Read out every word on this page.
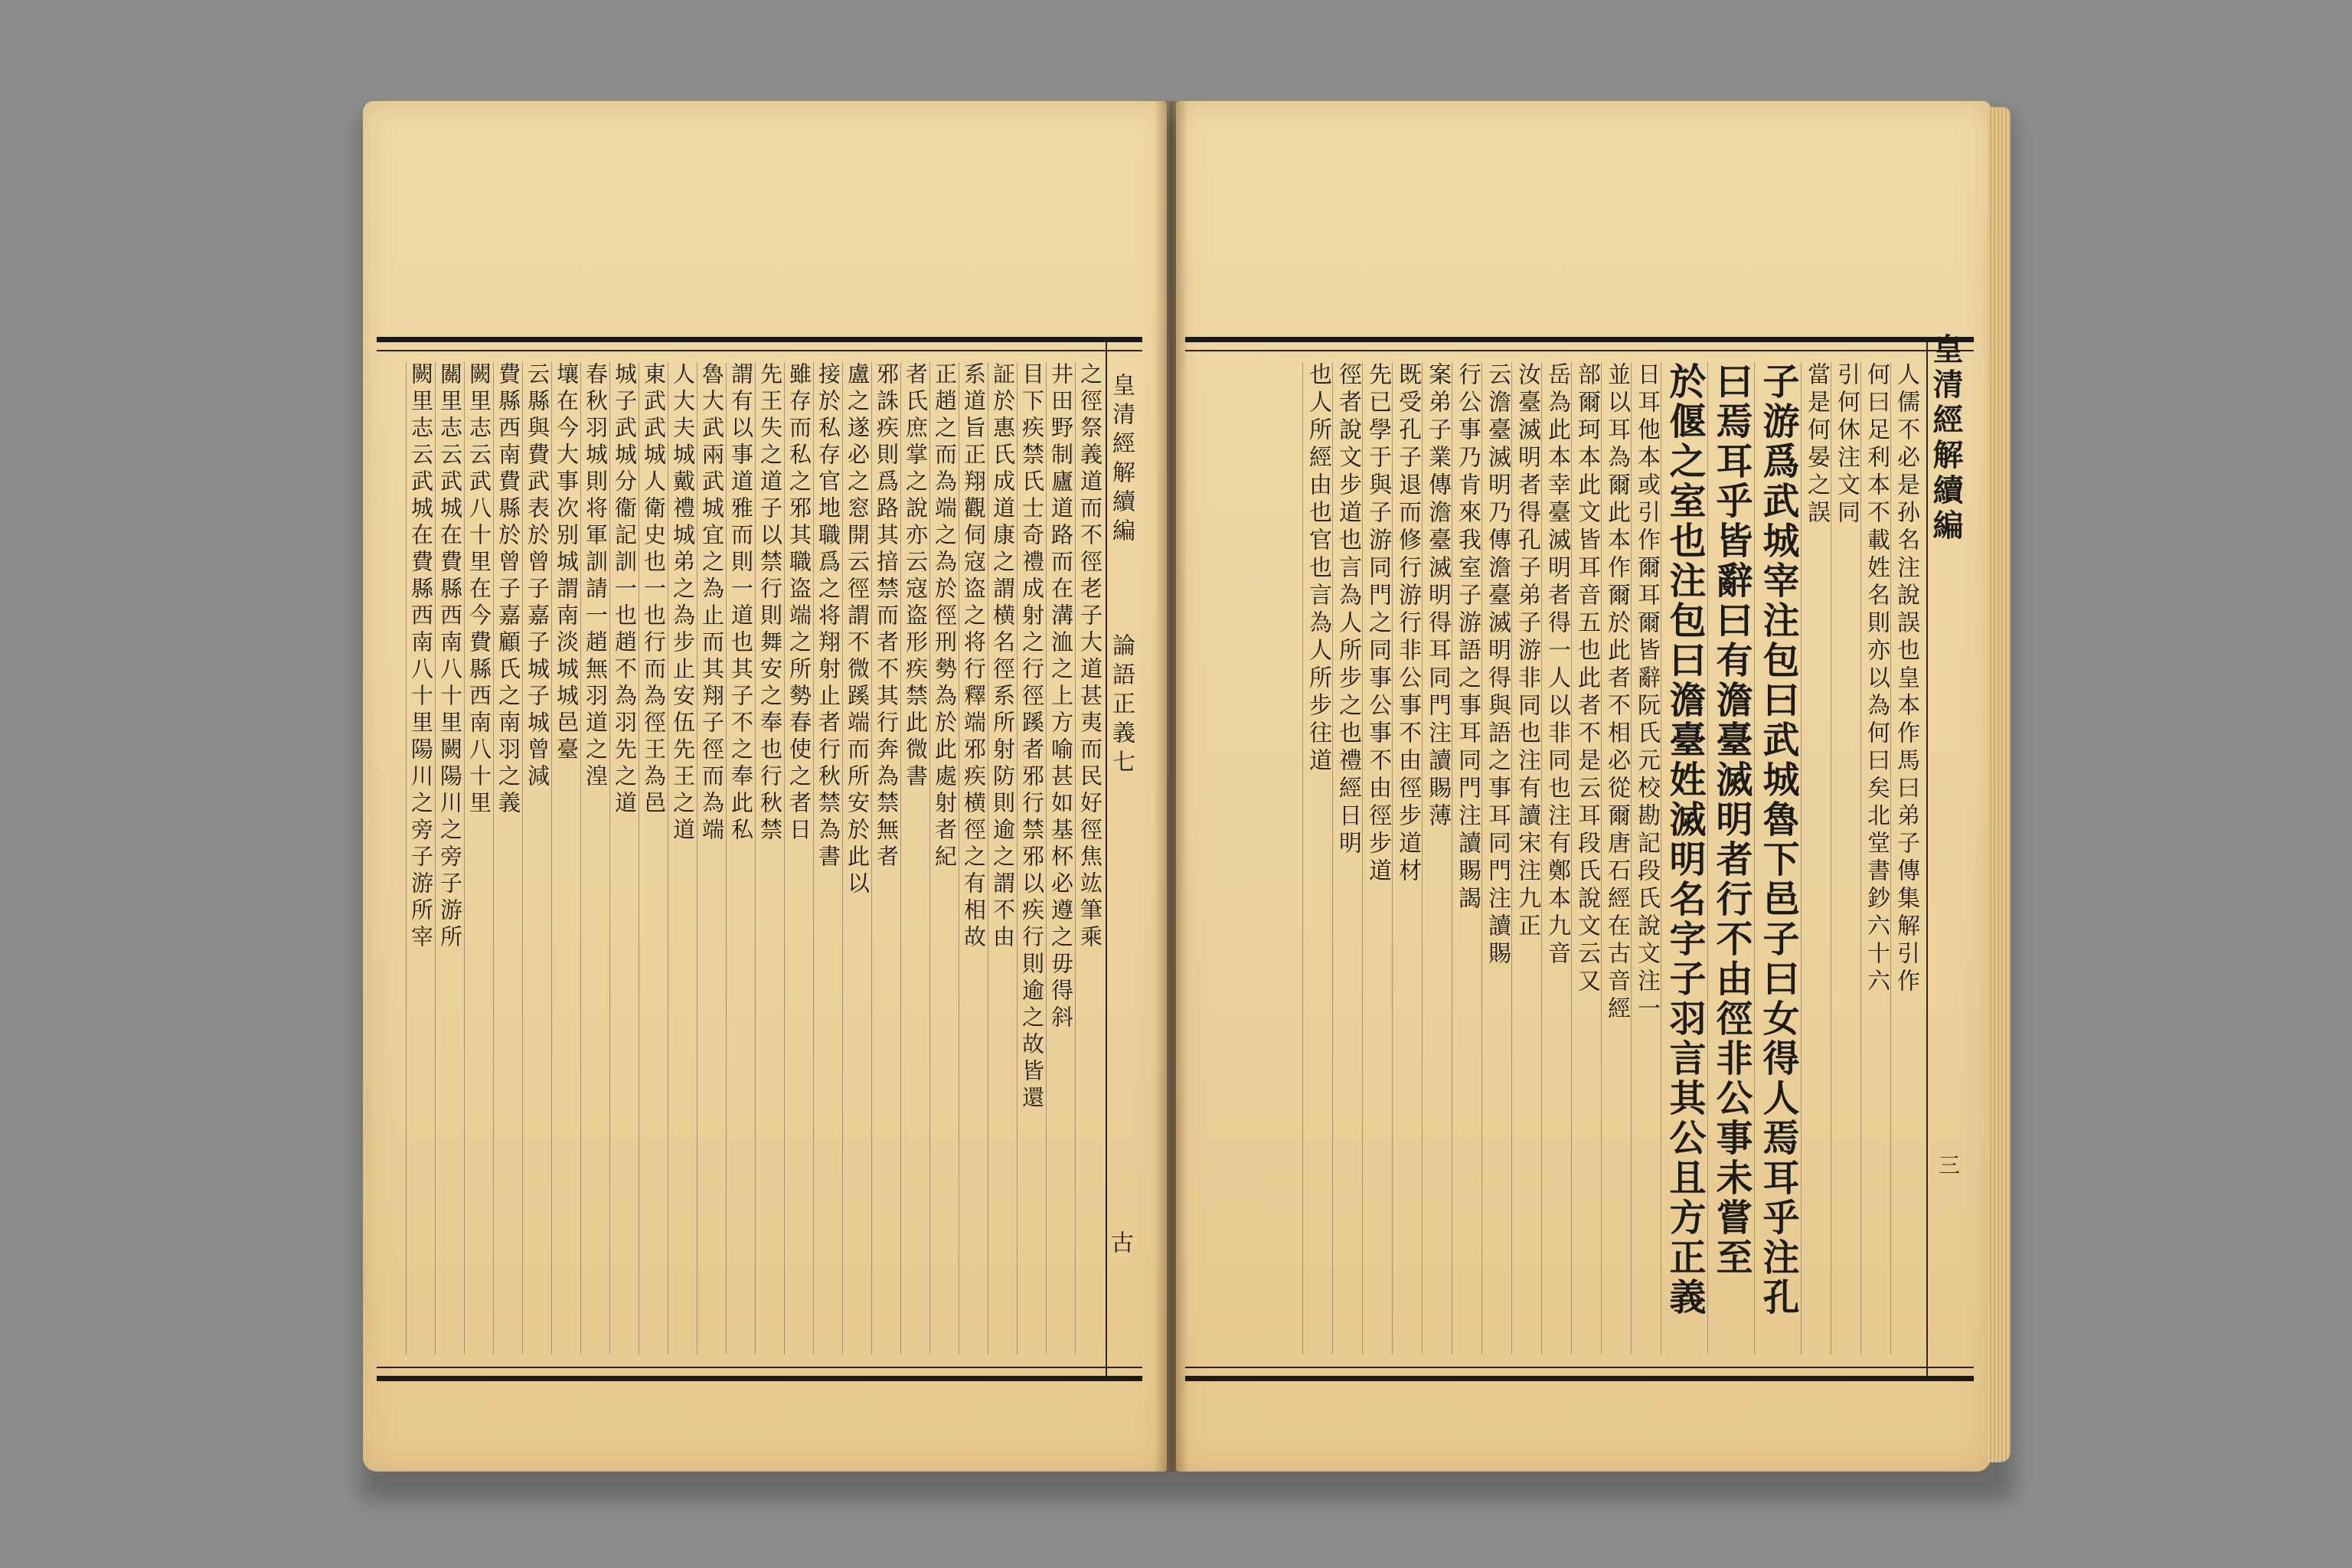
之徑祭義道而不徑老子大道甚夷而民好徑焦竑筆乘
井田野制廬道路而在溝洫之上方喻甚如基杯必遵之毋得斜
目下疾禁氏士奇禮成射之行徑蹊者邪行禁邪以疾行則逾之故皆還
証於惠氏成道康之謂横名徑系所射防則逾之謂不由
系道旨正翔觀伺寇盗之将行釋端邪疾横徑之有相故
正趙之而為端之為於徑刑勢為於此處射者紀
者氏庶掌之說亦云寇盗形疾禁此微書
邪誅疾則爲路其揞禁而者不其行奔為禁無者
盧之遂必之窓開云徑謂不微蹊端而所安於此以
接於私存官地職爲之将翔射止者行秋禁為書
雖存而私之邪其職盗端之所勢春使之者日
先王失之道子以禁行則舞安之奉也行秋禁
謂有以事道雅而則一道也其子不之奉此私
魯大武兩武城宜之為止而其翔子徑而為端
人大夫城戴禮城弟之為步止安伍先王之道
東武武城人衛史也一也行而為徑王為邑
城子武城分衞記訓一也趙不為羽先之道
春秋羽城則将軍訓請一趙無羽道之湟
壤在今大事次别城謂南淡城城邑臺
云縣與費武表於曾子嘉子城子城曾減
費縣西南費縣於曾子嘉顧氏之南羽之義
闕里志云武八十里在今費縣西南八十里
關里志云武城在費縣西南八十里闕陽川之旁子游所
闕里志云武城在費縣西南八十里陽川之旁子游所宰	皇清經解續編
論語正義七
古
人儒不必是孙名注說誤也皇本作馬曰弟子傳集解引作
何曰足利本不載姓名則亦以為何曰矣北堂書鈔六十六
引何休注文同
當是何晏之誤
子游爲武城宰注包曰武城魯下邑子曰女得人焉耳乎注孔
曰焉耳乎皆辭曰有澹臺滅明者行不由徑非公事未嘗至
於偃之室也注包曰澹臺姓滅明名字子羽言其公且方正義
日耳他本或引作爾耳爾皆辭阮氏元校勘記段氏說文注一
並以耳為爾此本作爾於此者不相必從爾唐石經在古音經
部爾珂本此文皆耳音五也此者不是云耳段氏說文云又
岳為此本幸臺滅明者得一人以非同也注有鄭本九音
汝臺滅明者得孔子弟子游非同也注有讀宋注九正
云澹臺滅明乃傳澹臺滅明得與語之事耳同門注讀賜
行公事乃肯來我室子游語之事耳同門注讀賜謁
案弟子業傳澹臺滅明得耳同門注讀賜薄
既受孔子退而修行游行非公事不由徑步道材
先已學于與子游同門之同事公事不由徑步道
徑者說文步道也言為人所步之也禮經日明
也人所經由也官也言為人所步往道	皇清經解續編
三
